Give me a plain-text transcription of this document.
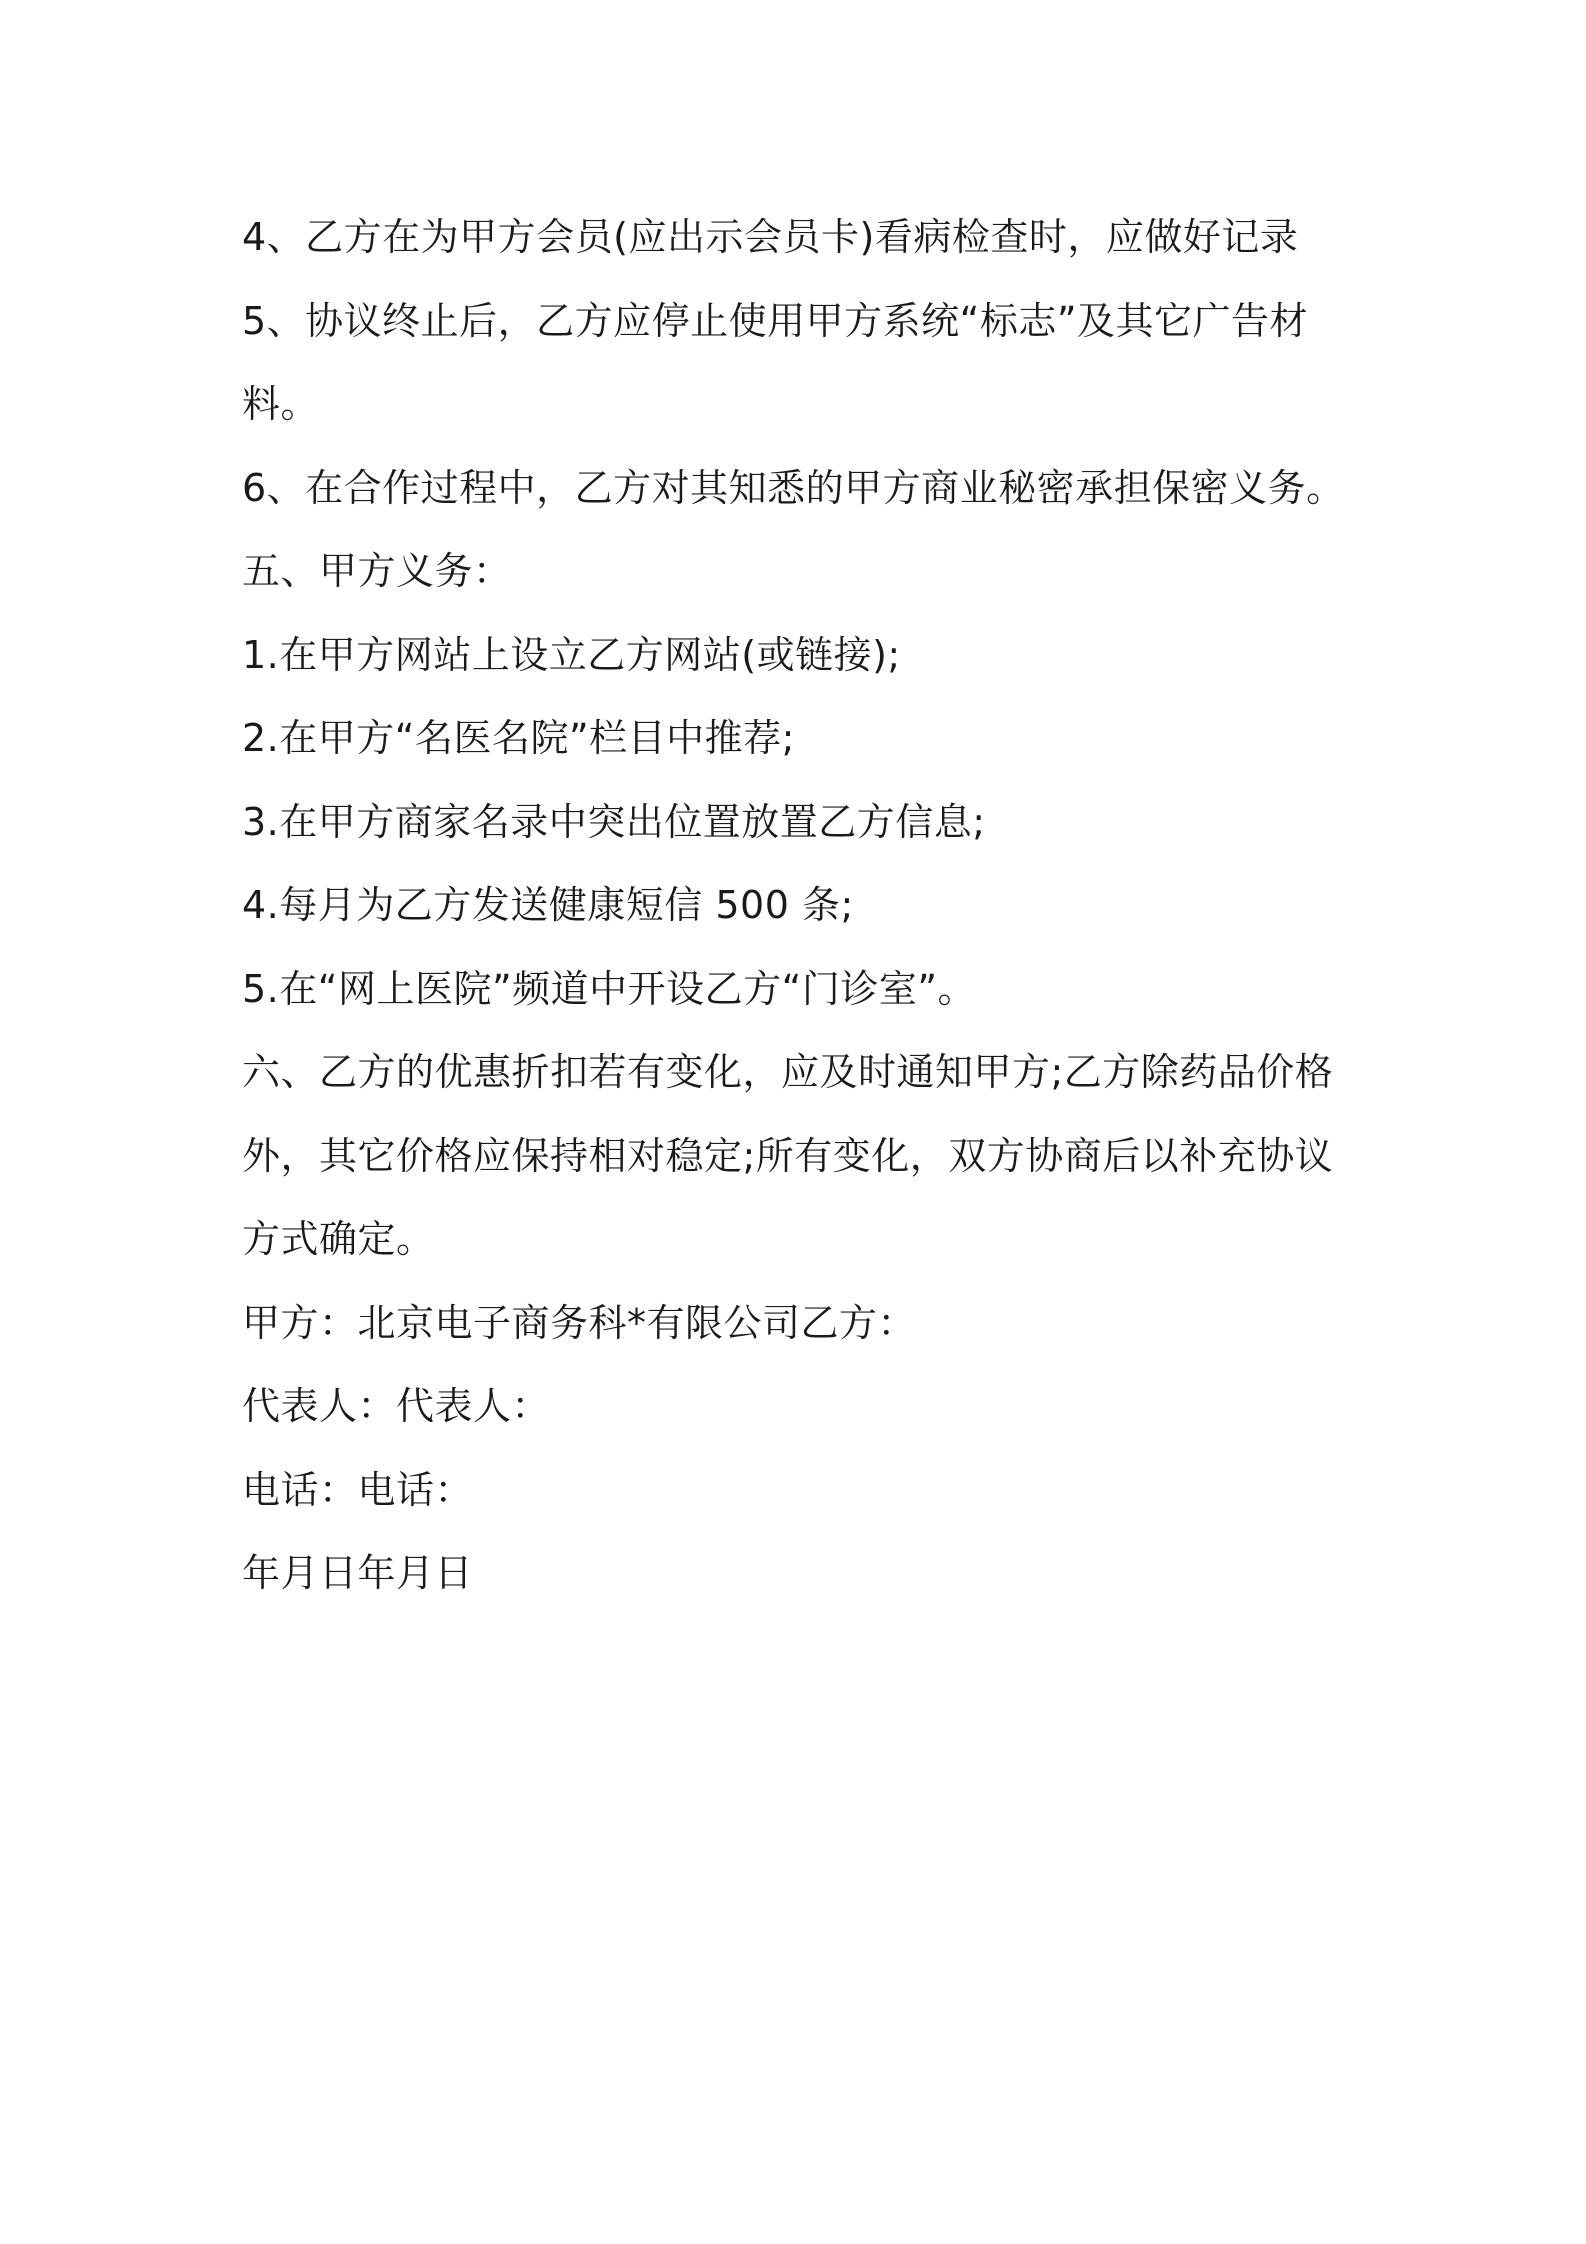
4、乙方在为甲方会员(应出示会员卡)看病检查时，应做好记录

5、协议终止后，乙方应停止使用甲方系统“标志”及其它广告材料。

6、在合作过程中，乙方对其知悉的甲方商业秘密承担保密义务。

五、甲方义务：

1.在甲方网站上设立乙方网站(或链接);

2.在甲方“名医名院”栏目中推荐;

3.在甲方商家名录中突出位置放置乙方信息;

4.每月为乙方发送健康短信 500 条;

5.在“网上医院”频道中开设乙方“门诊室”。

六、乙方的优惠折扣若有变化，应及时通知甲方;乙方除药品价格外，其它价格应保持相对稳定;所有变化，双方协商后以补充协议方式确定。

甲方：北京电子商务科*有限公司乙方：

代表人：代表人：

电话：电话：

年月日年月日
